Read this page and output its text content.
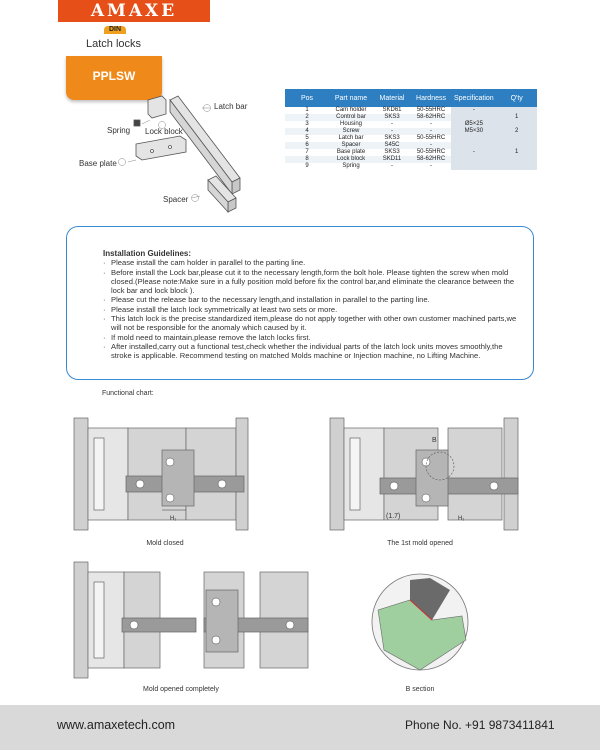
AMAXE
DIN
Latch locks
PPLSW
Latch bar
Spring Lock block
Base plate
Spacer
Pos	Part name	Material	Hardness	Specification	Q'ty
1	Cam holder	SKD61	50-55HRC	-	1
2	Control bar	SKS3	58-62HRC		
3	Housing	-	-	Ø5×25	
4	Screw	-	-	M5×30	2
5	Latch bar	SKS3	50-55HRC	-	1
6	Spacer	S45C	-		
7	Base plate	SKS3	50-55HRC		
8	Lock block	SKD11	58-62HRC		
9	Spring	-	-		
Installation Guidelines:
· Please install the cam holder in parallel to the parting line.
· Before install the Lock bar,please cut it to the necessary length,form the bolt hole. Please tighten the screw when mold closed.(Please note:Make sure in a fully position mold before fix the control bar,and eliminate the clearance between the lock bar and lock block ).
· Please cut the release bar to the necessary length,and installation in parallel to the parting line.
· Please install the latch lock symmetrically at least two sets or more.
· This latch lock is the precise standardized item,please do not apply together with other own customer machined parts,we will not be responsible for the anomaly which caused by it.
· If mold need to maintain,please remove the latch locks first.
· After installed,carry out a functional test,check whether the individual parts of the latch lock units moves smoothly,the stroke is applicable. Recommend testing on matched Molds machine or Injection machine, no Lifting Machine.
Functional chart:
H₁
Mold closed
B
(1.7)	H₁
The 1st mold opened
Mold opened completely	B section
www.amaxetech.com	Phone No. +91 9873411841
